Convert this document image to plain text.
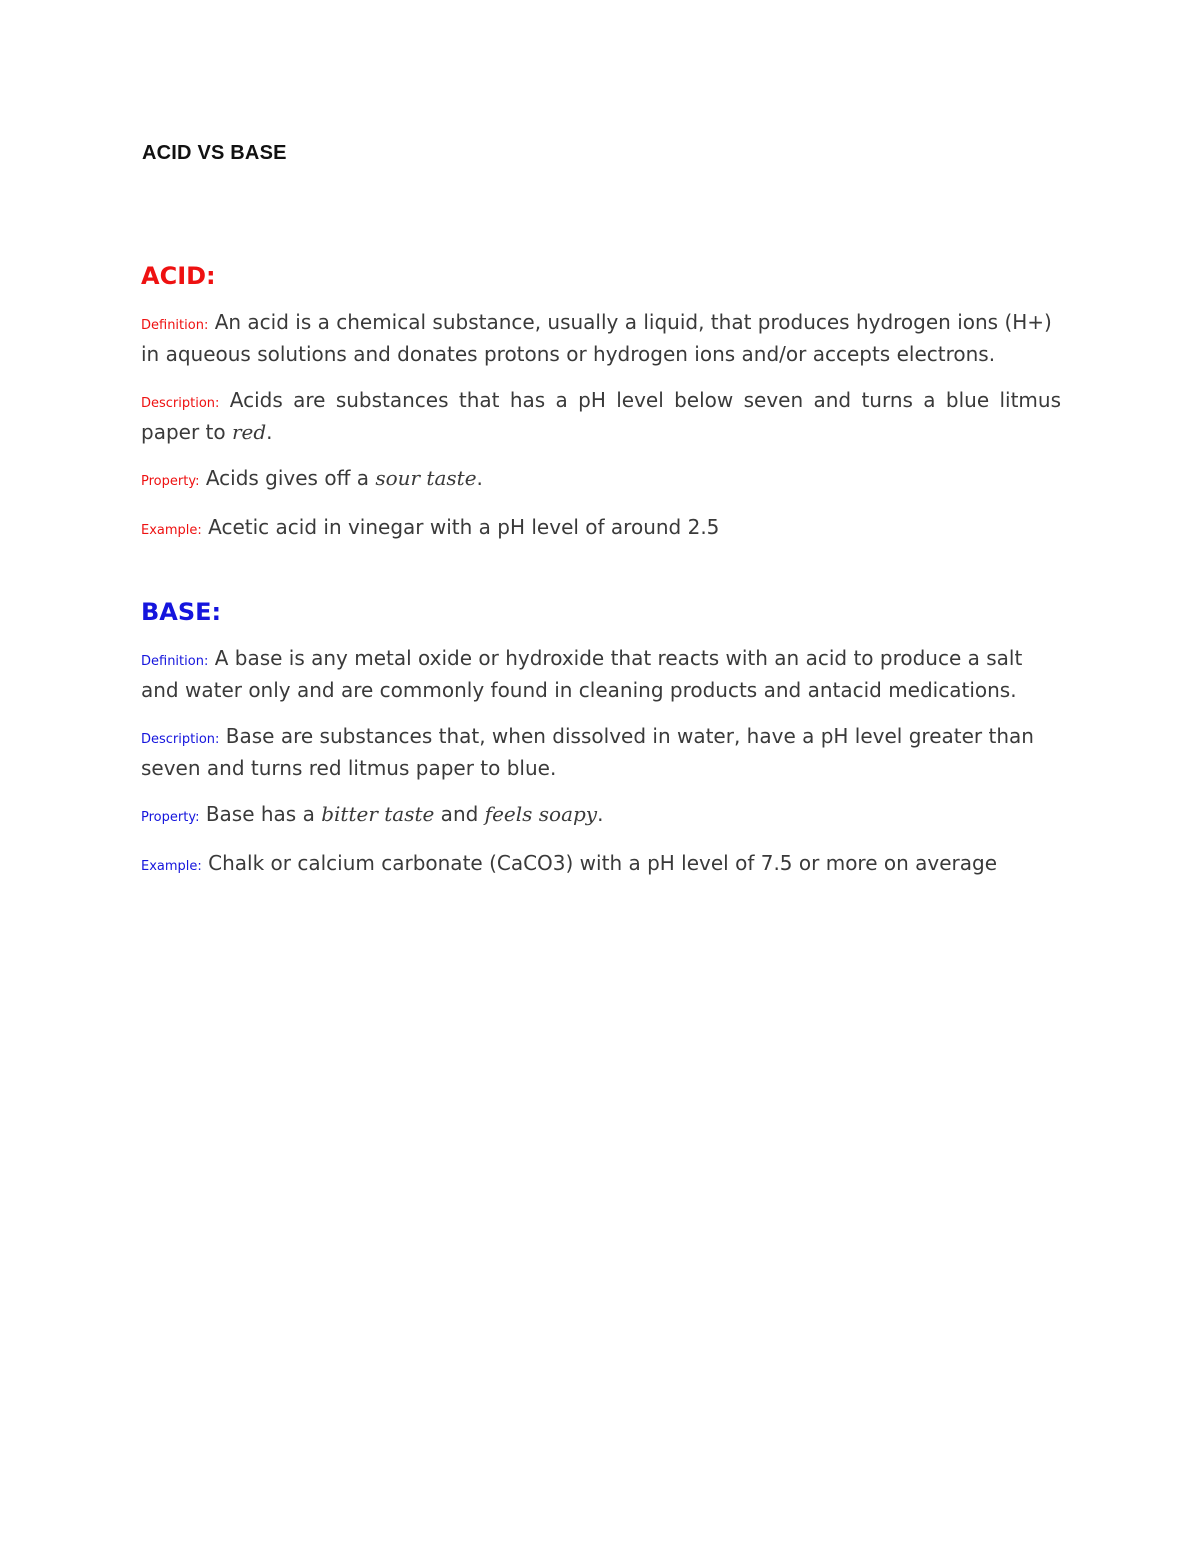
ACID VS BASE
ACID:

Definition: An acid is a chemical substance, usually a liquid, that produces hydrogen ions (H+) in aqueous solutions and donates protons or hydrogen ions and/or accepts electrons.

Description: Acids are substances that has a pH level below seven and turns a blue litmus paper to red.

Property: Acids gives off a sour taste.

Example: Acetic acid in vinegar with a pH level of around 2.5

BASE:

Definition: A base is any metal oxide or hydroxide that reacts with an acid to produce a salt and water only and are commonly found in cleaning products and antacid medications.

Description: Base are substances that, when dissolved in water, have a pH level greater than seven and turns red litmus paper to blue.

Property: Base has a bitter taste and feels soapy.

Example: Chalk or calcium carbonate (CaCO3) with a pH level of 7.5 or more on average
